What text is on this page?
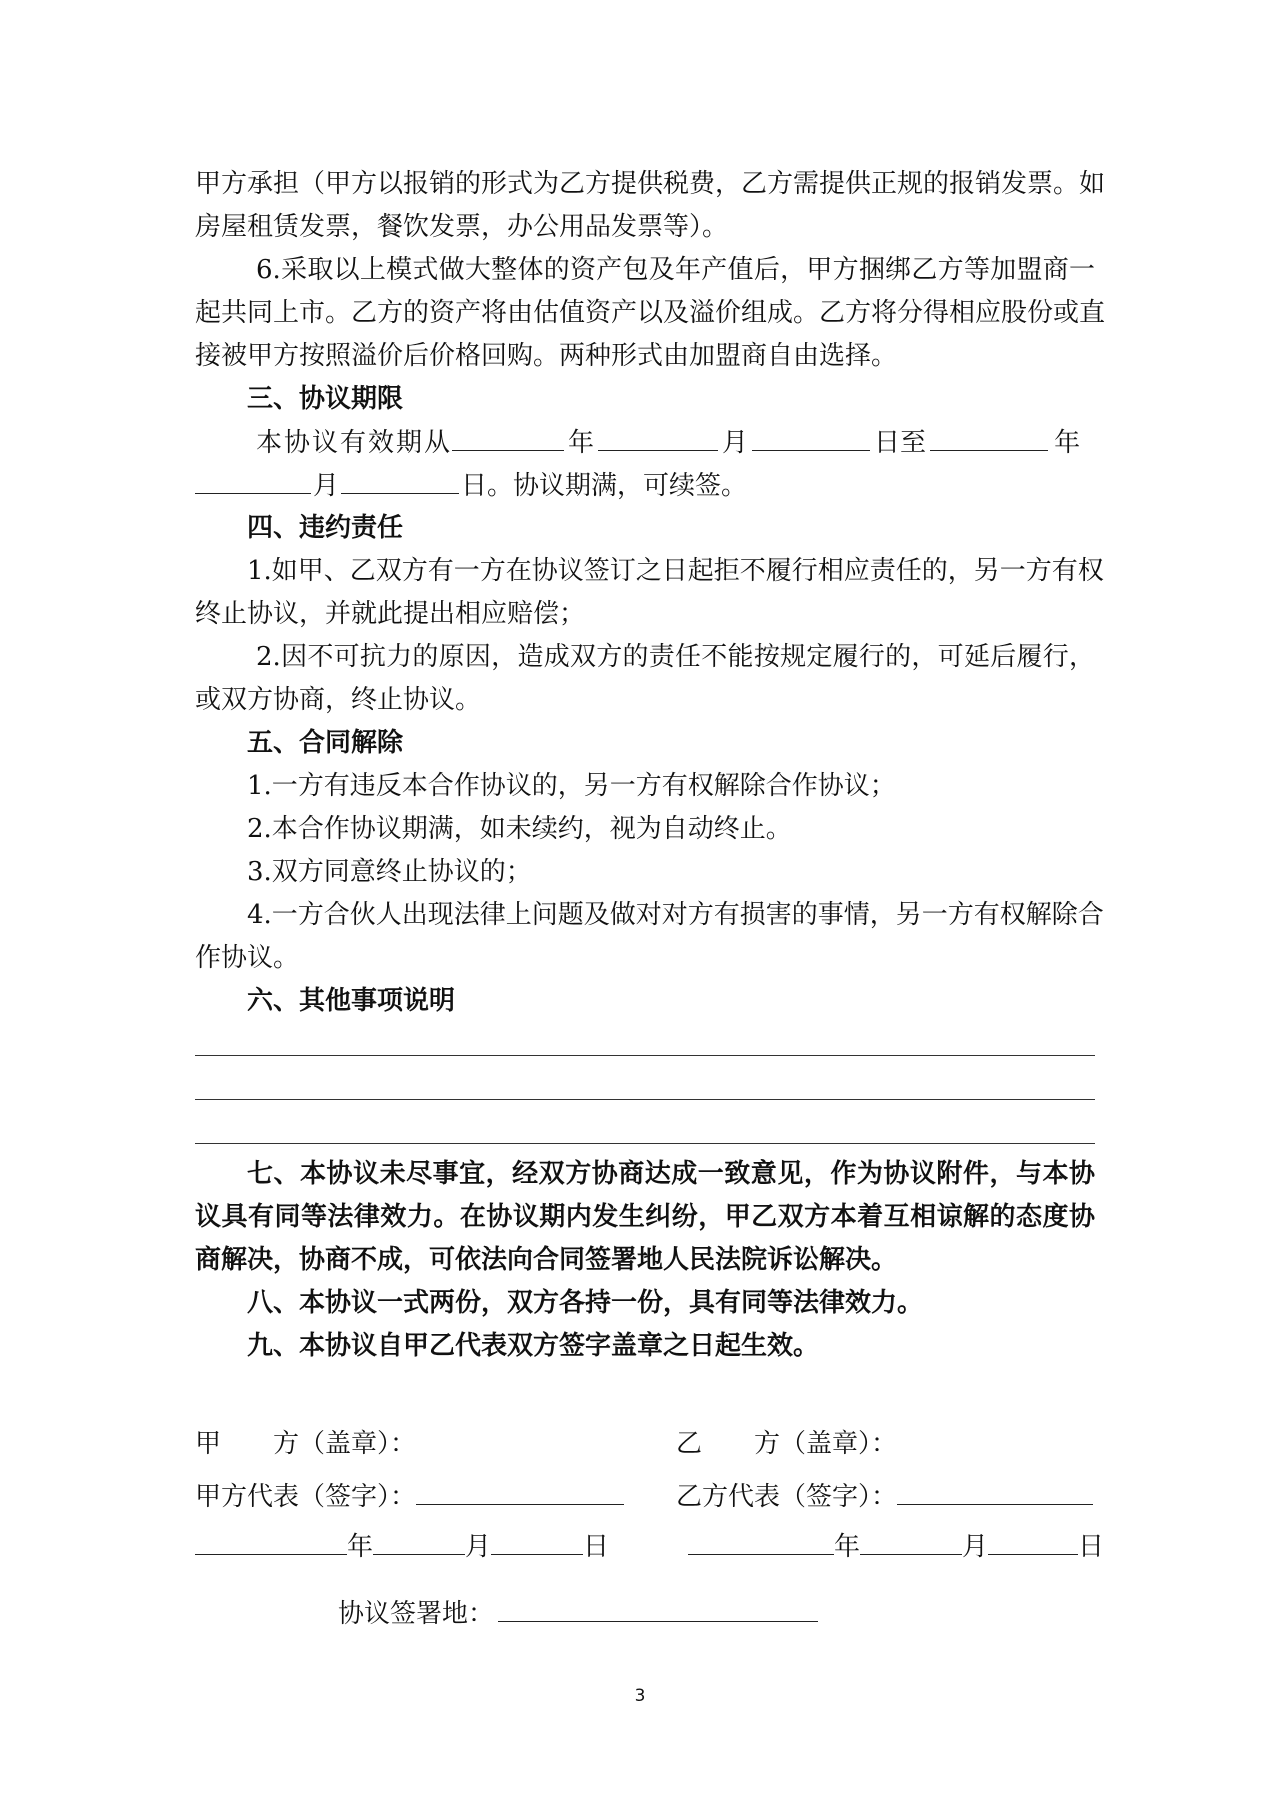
甲方承担（甲方以报销的形式为乙方提供税费，乙方需提供正规的报销发票。如
房屋租赁发票，餐饮发票，办公用品发票等）。
6.采取以上模式做大整体的资产包及年产值后，甲方捆绑乙方等加盟商一
起共同上市。乙方的资产将由估值资产以及溢价组成。乙方将分得相应股份或直
接被甲方按照溢价后价格回购。两种形式由加盟商自由选择。
三、协议期限
本协议有效期从	年	月	日至	年
月	日。协议期满，可续签。
四、违约责任
1.如甲、乙双方有一方在协议签订之日起拒不履行相应责任的，另一方有权
终止协议，并就此提出相应赔偿；
2.因不可抗力的原因，造成双方的责任不能按规定履行的，可延后履行，
或双方协商，终止协议。
五、合同解除
1.一方有违反本合作协议的，另一方有权解除合作协议；
2.本合作协议期满，如未续约，视为自动终止。
3.双方同意终止协议的；
4.一方合伙人出现法律上问题及做对对方有损害的事情，另一方有权解除合
作协议。
六、其他事项说明
七、本协议未尽事宜，经双方协商达成一致意见，作为协议附件，与本协
议具有同等法律效力。在协议期内发生纠纷，甲乙双方本着互相谅解的态度协
商解决，协商不成，可依法向合同签署地人民法院诉讼解决。
八、本协议一式两份，双方各持一份，具有同等法律效力。
九、本协议自甲乙代表双方签字盖章之日起生效。
甲 方（盖章）：	乙 方（盖章）：
甲方代表（签字）：	乙方代表（签字）：
年	月	日	年	月	日
协议签署地：
3
